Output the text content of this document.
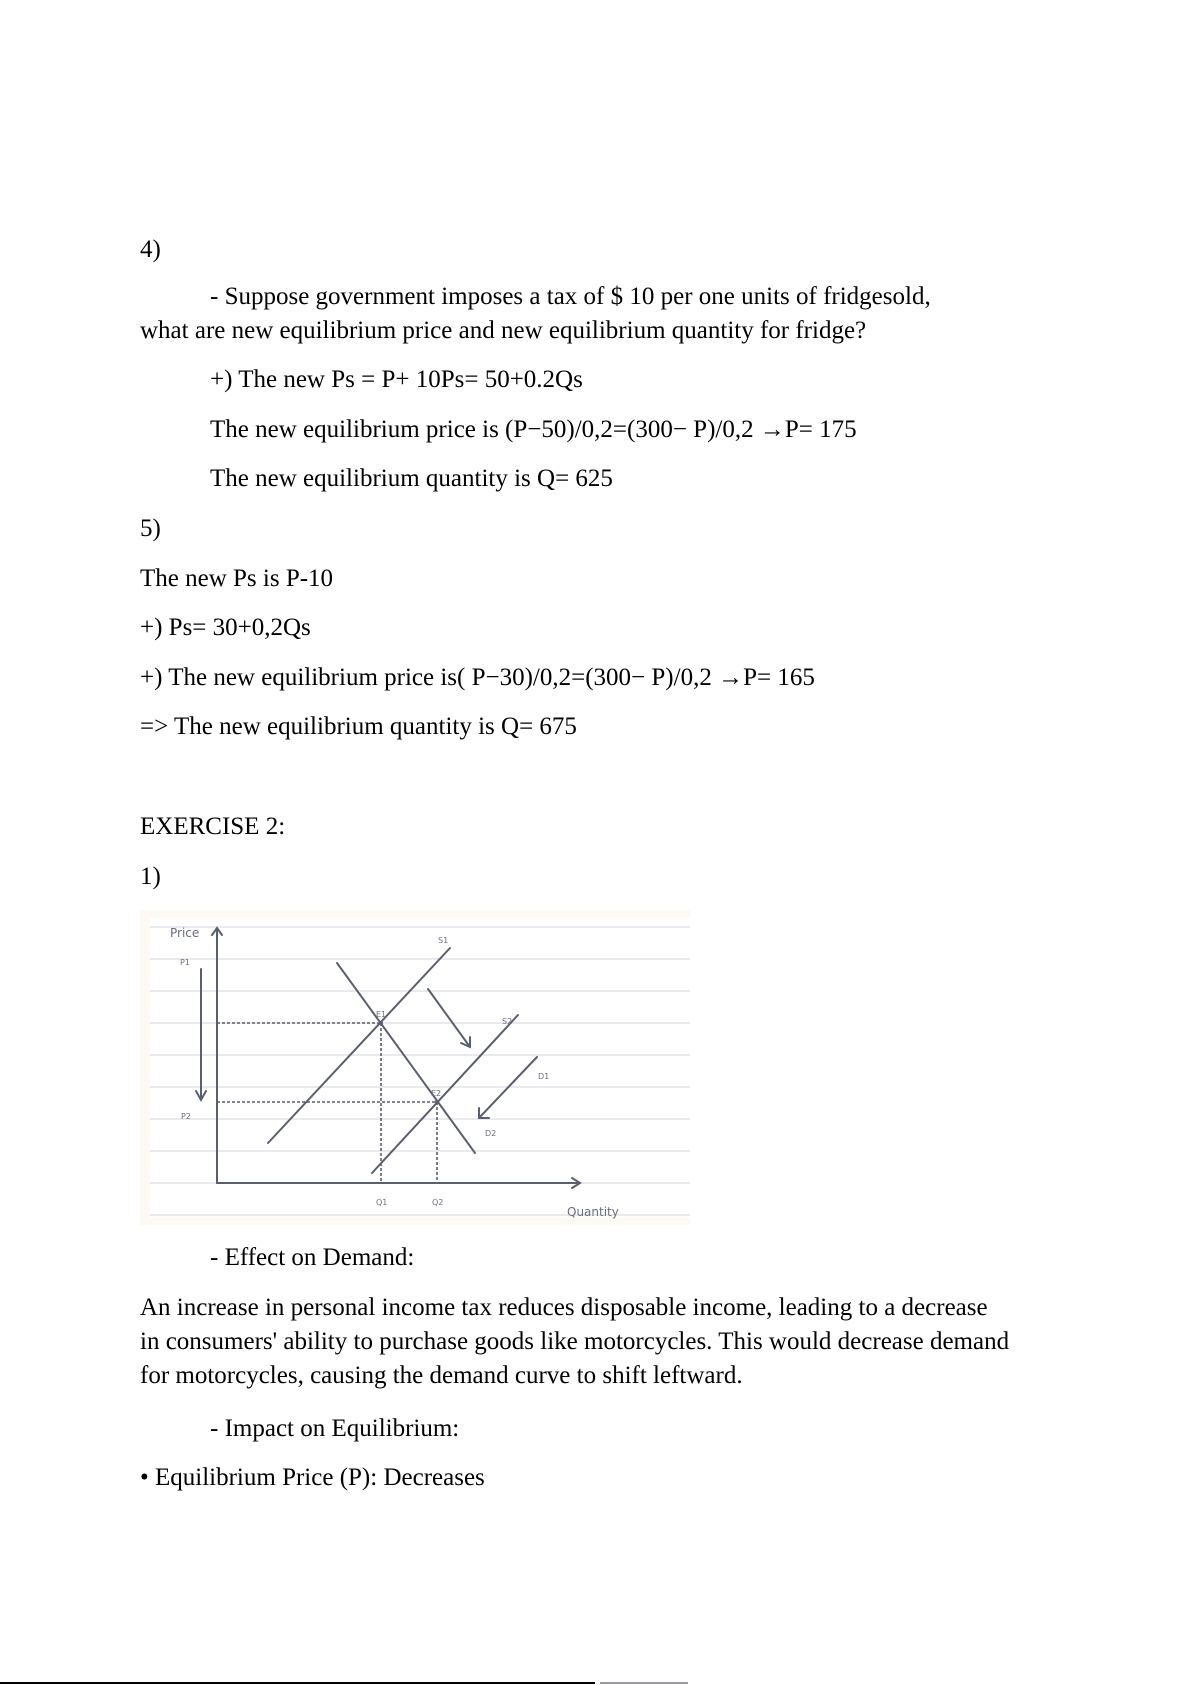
4)
- Suppose government imposes a tax of $ 10 per one units of fridgesold,
what are new equilibrium price and new equilibrium quantity for fridge?
+) The new Ps = P+ 10Ps= 50+0.2Qs
The new equilibrium price is (P−50)/0,2=(300− P)/0,2 →P= 175
The new equilibrium quantity is Q= 625
5)
The new Ps is P-10
+) Ps= 30+0,2Qs
+) The new equilibrium price is( P−30)/0,2=(300− P)/0,2 →P= 165
=> The new equilibrium quantity is Q= 675
EXERCISE 2:
1)
Price
P1
P2
Q1	Q2
Quantity
E1
E2
S1
S2
D1
D2
- Effect on Demand:
An increase in personal income tax reduces disposable income, leading to a decrease in consumers' ability to purchase goods like motorcycles. This would decrease demand for motorcycles, causing the demand curve to shift leftward.
- Impact on Equilibrium:
• Equilibrium Price (P): Decreases
